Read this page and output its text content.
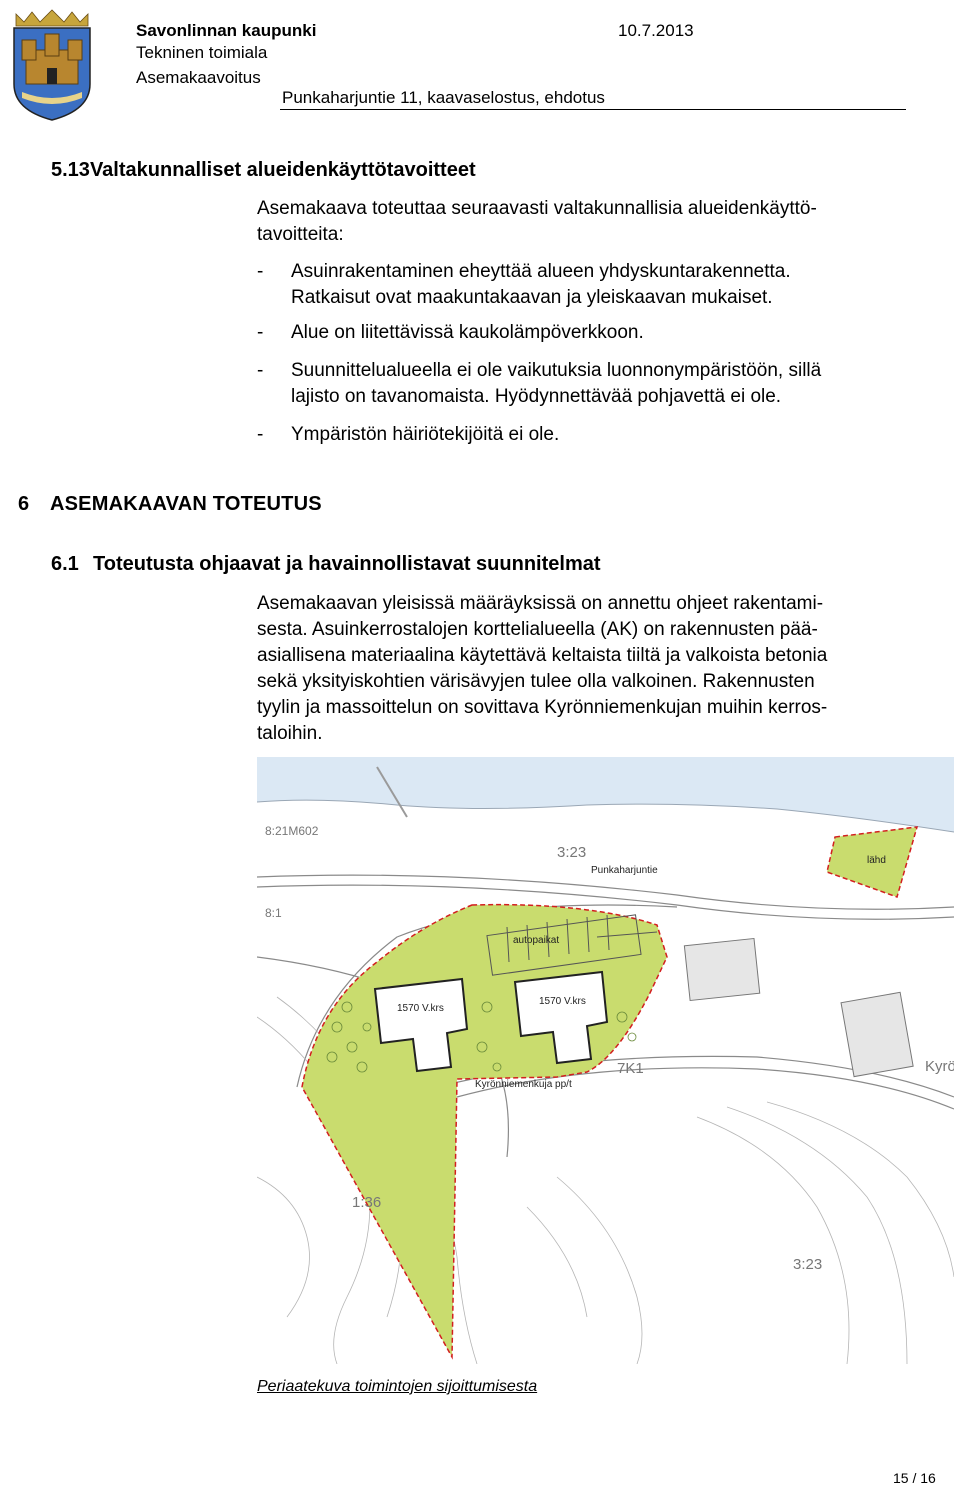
Savonlinnan kaupunki	10.7.2013
Tekninen toimiala
Asemakaavoitus
Punkaharjuntie 11, kaavaselostus, ehdotus
5.13Valtakunnalliset alueidenkäyttötavoitteet
Asemakaava toteuttaa seuraavasti valtakunnallisia alueidenkäyttö-
tavoitteita:
- Asuinrakentaminen eheyttää alueen yhdyskuntarakennetta.
Ratkaisut ovat maakuntakaavan ja yleiskaavan mukaiset.
- Alue on liitettävissä kaukolämpöverkkoon.
- Suunnittelualueella ei ole vaikutuksia luonnonympäristöön, sillä
lajisto on tavanomaista. Hyödynnettävää pohjavettä ei ole.
- Ympäristön häiriötekijöitä ei ole.
6 ASEMAKAAVAN TOTEUTUS
6.1 Toteutusta ohjaavat ja havainnollistavat suunnitelmat
Asemakaavan yleisissä määräyksissä on annettu ohjeet rakentami-
sesta. Asuinkerrostalojen korttelialueella (AK) on rakennusten pää-
asiallisena materiaalina käytettävä keltaista tiiltä ja valkoista betonia
sekä yksityiskohtien värisävyjen tulee olla valkoinen. Rakennusten
tyylin ja massoittelun on sovittava Kyrönniemenkujan muihin kerros-
taloihin.
Punkaharjuntie
autopaikat
1570 V.krs
1570 V.krs
Kyrönniemenkuja pp/t
lähd
3:23
3:23
1:36
7K1	Kyrö
8:21M602
8:1
Periaatekuva toimintojen sijoittumisesta
15 / 16
